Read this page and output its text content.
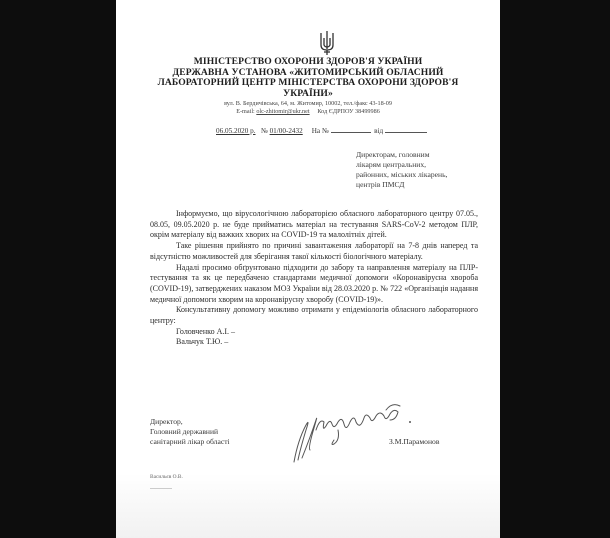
МІНІСТЕРСТВО ОХОРОНИ ЗДОРОВ'Я УКРАЇНИ
ДЕРЖАВНА УСТАНОВА «ЖИТОМИРСЬКИЙ ОБЛАСНИЙ
ЛАБОРАТОРНИЙ ЦЕНТР МІНІСТЕРСТВА ОХОРОНИ ЗДОРОВ'Я
УКРАЇНИ»
вул. В. Бердичівська, 64, м. Житомир, 10002, тел./факс 43-18-09
E-mail: olc-zhitomir@ukr.net Код ЄДРПОУ 38499986
06.05.2020 р. № 01/00-2432 На №	від
Директорам, головним
лікарям центральних,
районних, міських лікарень,
центрів ПМСД

Інформуємо, що вірусологічною лабораторією обласного лабораторного центру 07.05., 08.05, 09.05.2020 р. не буде прийматись матеріал на тестування SARS-CoV-2 методом ПЛР, окрім матеріалу від важких хворих на COVID-19 та малолітніх дітей.

Таке рішення прийнято по причині завантаження лабораторії на 7-8 днів наперед та відсутністю можливостей для зберігання такої кількості біологічного матеріалу.

Надалі просимо обґрунтовано підходити до забору та направлення матеріалу на ПЛР-тестування та як це передбачено стандартами медичної допомоги «Коронавірусна хвороба (COVID-19), затверджених наказом МОЗ України від 28.03.2020 р. № 722 «Організація надання медичної допомоги хворим на коронавірусну хворобу (COVID-19)».

Консультативну допомогу можливо отримати у епідеміологів обласного лабораторного центру:

Головченко А.І. –

Вальчук Т.Ю. –

Директор,
Головний державний
санітарний лікар області	З.М.Парамонов
Васильєв О.В.
